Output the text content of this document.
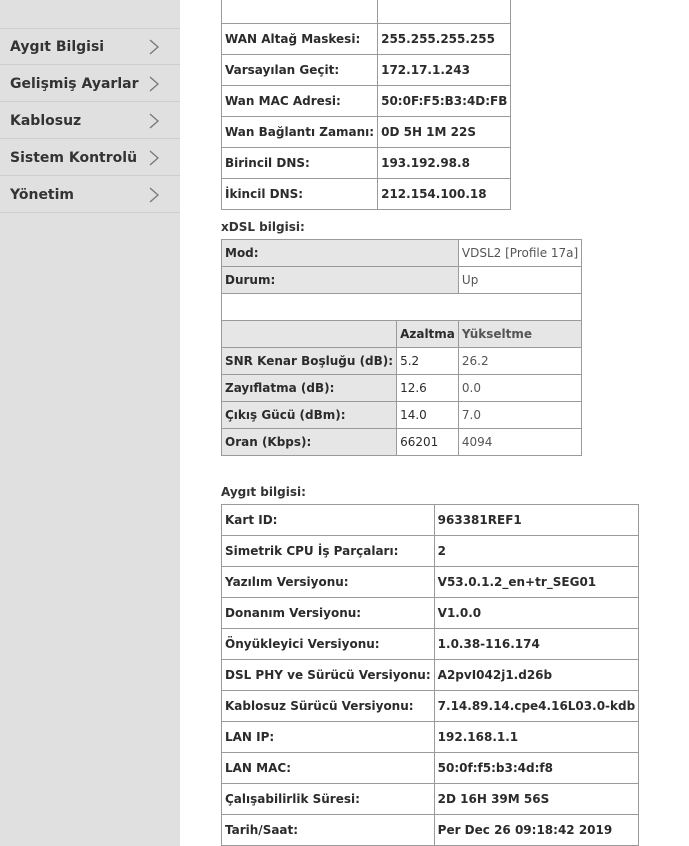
Aygıt Bilgisi
Gelişmiş Ayarlar
Kablosuz
Sistem Kontrolü
Yönetim

WAN Altağ Maskesi:	255.255.255.255
Varsayılan Geçit:	172.17.1.243
Wan MAC Adresi:	50:0F:F5:B3:4D:FB
Wan Bağlantı Zamanı:	0D 5H 1M 22S
Birincil DNS:	193.192.98.8
İkincil DNS:	212.154.100.18
xDSL bilgisi:
Mod:		VDSL2 [Profile 17a]
Durum:		Up

	Azaltma	Yükseltme
SNR Kenar Boşluğu (dB):	5.2	26.2
Zayıflatma (dB):	12.6	0.0
Çıkış Gücü (dBm):	14.0	7.0
Oran (Kbps):	66201	4094
Aygıt bilgisi:
Kart ID:	963381REF1
Simetrik CPU İş Parçaları:	2
Yazılım Versiyonu:	V53.0.1.2_en+tr_SEG01
Donanım Versiyonu:	V1.0.0
Önyükleyici Versiyonu:	1.0.38-116.174
DSL PHY ve Sürücü Versiyonu:	A2pvI042j1.d26b
Kablosuz Sürücü Versiyonu:	7.14.89.14.cpe4.16L03.0-kdb
LAN IP:	192.168.1.1
LAN MAC:	50:0f:f5:b3:4d:f8
Çalışabilirlik Süresi:	2D 16H 39M 56S
Tarih/Saat:	Per Dec 26 09:18:42 2019
